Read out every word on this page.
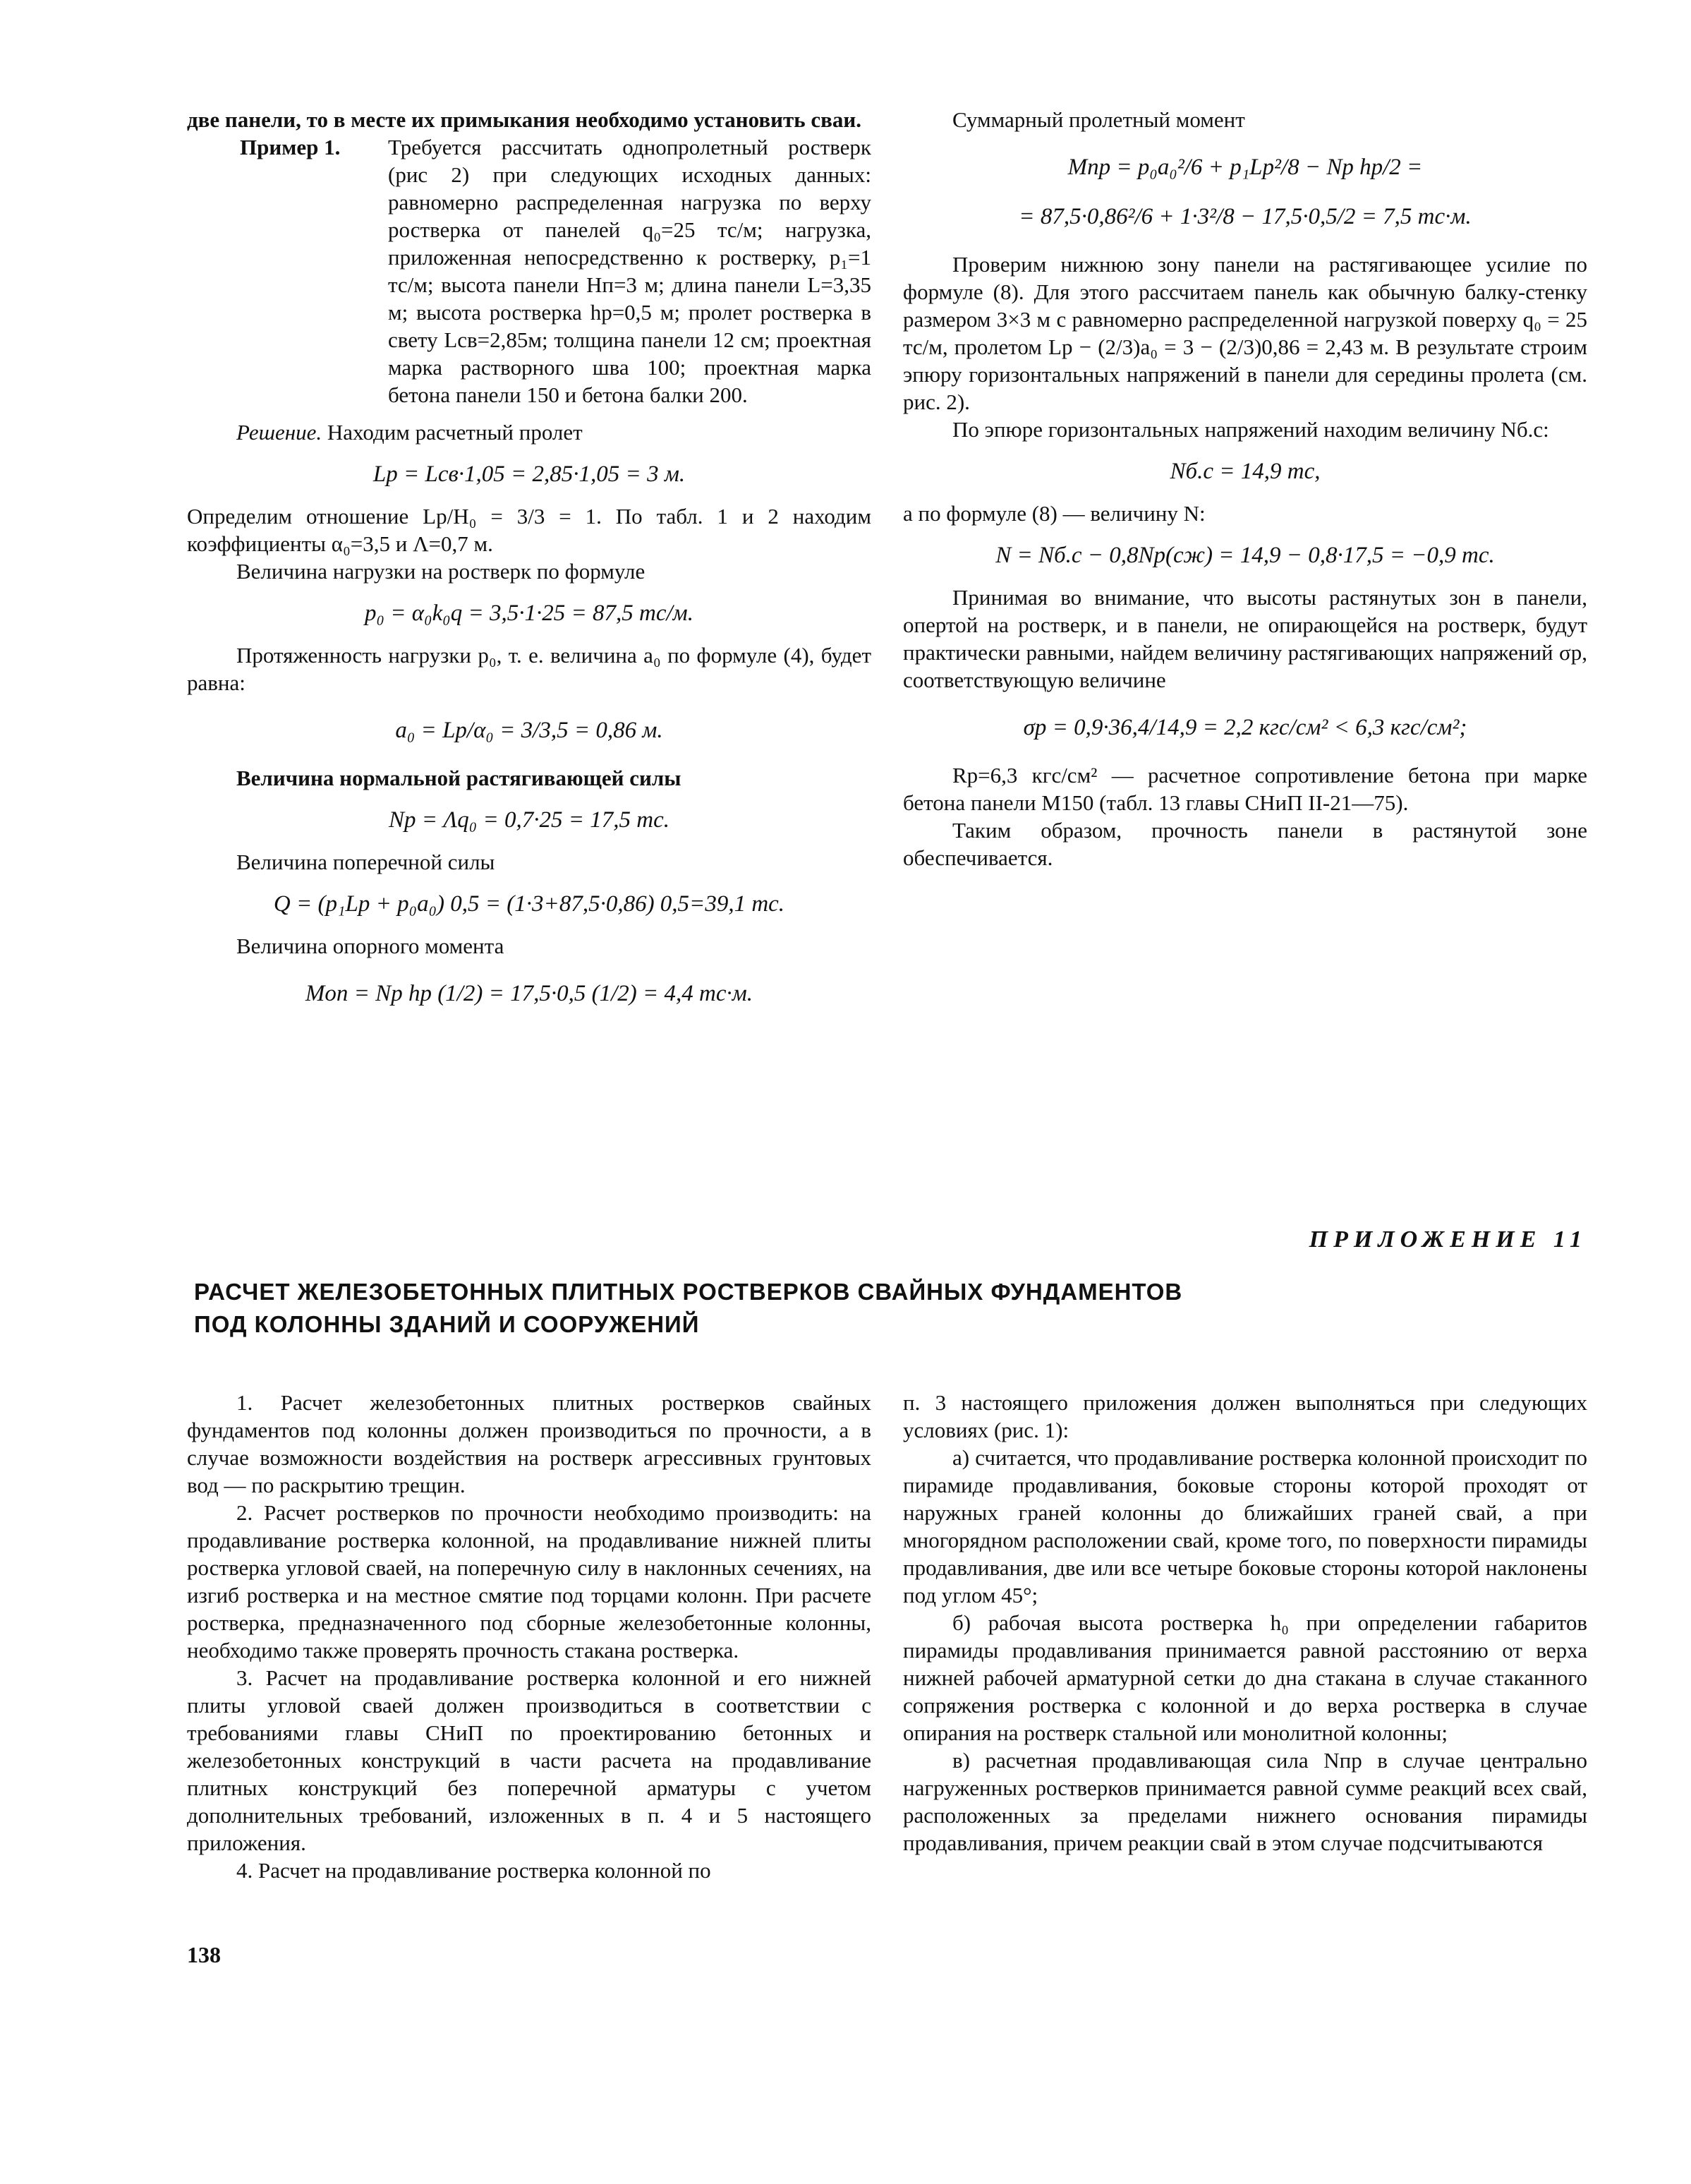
две панели, то в месте их примыкания необходимо установить сваи.

Пример 1. Требуется рассчитать однопролетный ростверк (рис 2) при следующих исходных данных: равномерно распределенная нагрузка по верху ростверка от панелей q₀=25 тс/м; нагрузка, приложенная непосредственно к ростверку, p₁=1 тс/м; высота панели Hп=3 м; длина панели L=3,35 м; высота ростверка hр=0,5 м; пролет ростверка в свету Lсв=2,85м; толщина панели 12 см; проектная марка растворного шва 100; проектная марка бетона панели 150 и бетона балки 200.

Решение. Находим расчетный пролет

Lр = Lсв·1,05 = 2,85·1,05 = 3 м.

Определим отношение Lр/H₀ = 3/3 = 1. По табл. 1 и 2 находим коэффициенты α₀=3,5 и Λ=0,7 м.

Величина нагрузки на ростверк по формуле

p₀ = α₀k₀q = 3,5·1·25 = 87,5 тс/м.

Протяженность нагрузки p₀, т. е. величина a₀ по формуле (4), будет равна:

a₀ = Lр/α₀ = 3/3,5 = 0,86 м.

Величина нормальной растягивающей силы

Nр = Λq₀ = 0,7·25 = 17,5 тс.

Величина поперечной силы

Q = (p₁Lр + p₀a₀) 0,5 = (1·3+87,5·0,86) 0,5=39,1 тс.

Величина опорного момента

Mоп = Nр hр (1/2) = 17,5·0,5 (1/2) = 4,4 тс·м.

Суммарный пролетный момент

Mпр = p₀a₀²/6 + p₁Lр²/8 − Nр hр/2 =
= 87,5·0,86²/6 + 1·3²/8 − 17,5·0,5/2 = 7,5 тс·м.

Проверим нижнюю зону панели на растягивающее усилие по формуле (8). Для этого рассчитаем панель как обычную балку-стенку размером 3×3 м с равномерно распределенной нагрузкой поверху q₀ = 25 тс/м, пролетом Lр − (2/3)a₀ = 3 − (2/3)0,86 = 2,43 м. В результате строим эпюру горизонтальных напряжений в панели для середины пролета (см. рис. 2).

По эпюре горизонтальных напряжений находим величину Nб.с:

Nб.с = 14,9 тс,

а по формуле (8) — величину N:

N = Nб.с − 0,8Nр(сж) = 14,9 − 0,8·17,5 = −0,9 тс.

Принимая во внимание, что высоты растянутых зон в панели, опертой на ростверк, и в панели, не опирающейся на ростверк, будут практически равными, найдем величину растягивающих напряжений σр, соответствующую величине

σр = 0,9·36,4/14,9 = 2,2 кгс/см² < 6,3 кгс/см²;

Rр=6,3 кгс/см² — расчетное сопротивление бетона при марке бетона панели М150 (табл. 13 главы СНиП II-21—75).

Таким образом, прочность панели в растянутой зоне обеспечивается.

ПРИЛОЖЕНИЕ 11
РАСЧЕТ ЖЕЛЕЗОБЕТОННЫХ ПЛИТНЫХ РОСТВЕРКОВ СВАЙНЫХ ФУНДАМЕНТОВ
ПОД КОЛОННЫ ЗДАНИЙ И СООРУЖЕНИЙ

1. Расчет железобетонных плитных ростверков свайных фундаментов под колонны должен производиться по прочности, а в случае возможности воздействия на ростверк агрессивных грунтовых вод — по раскрытию трещин.

2. Расчет ростверков по прочности необходимо производить: на продавливание ростверка колонной, на продавливание нижней плиты ростверка угловой сваей, на поперечную силу в наклонных сечениях, на изгиб ростверка и на местное смятие под торцами колонн. При расчете ростверка, предназначенного под сборные железобетонные колонны, необходимо также проверять прочность стакана ростверка.

3. Расчет на продавливание ростверка колонной и его нижней плиты угловой сваей должен производиться в соответствии с требованиями главы СНиП по проектированию бетонных и железобетонных конструкций в части расчета на продавливание плитных конструкций без поперечной арматуры с учетом дополнительных требований, изложенных в п. 4 и 5 настоящего приложения.

4. Расчет на продавливание ростверка колонной по

п. 3 настоящего приложения должен выполняться при следующих условиях (рис. 1):

а) считается, что продавливание ростверка колонной происходит по пирамиде продавливания, боковые стороны которой проходят от наружных граней колонны до ближайших граней свай, а при многорядном расположении свай, кроме того, по поверхности пирамиды продавливания, две или все четыре боковые стороны которой наклонены под углом 45°;

б) рабочая высота ростверка h₀ при определении габаритов пирамиды продавливания принимается равной расстоянию от верха нижней рабочей арматурной сетки до дна стакана в случае стаканного сопряжения ростверка с колонной и до верха ростверка в случае опирания на ростверк стальной или монолитной колонны;

в) расчетная продавливающая сила Nпр в случае центрально нагруженных ростверков принимается равной сумме реакций всех свай, расположенных за пределами нижнего основания пирамиды продавливания, причем реакции свай в этом случае подсчитываются

138
